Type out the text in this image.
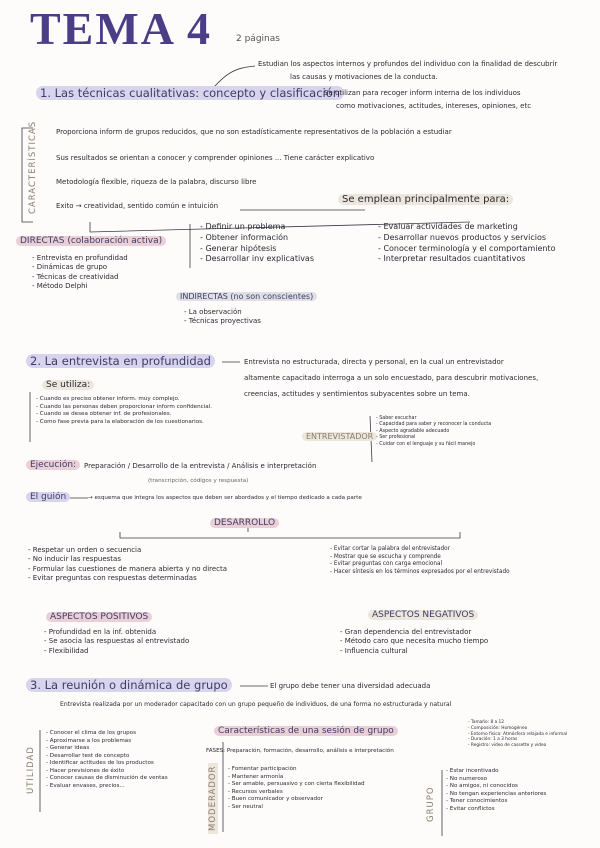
TEMA 4	2 páginas
1. Las técnicas cualitativas: concepto y clasificación
Estudian los aspectos internos y profundos del individuo con la finalidad de descubrir
las causas y motivaciones de la conducta.
Se utilizan para recoger inform interna de los individuos
como motivaciones, actitudes, intereses, opiniones, etc
CARACTERÍSTICAS	Proporciona inform de grupos reducidos, que no son estadísticamente representativos de la población a estudiar
Sus resultados se orientan a conocer y comprender opiniones ... Tiene carácter explicativo
Metodología flexible, riqueza de la palabra, discurso libre
Exito → creatividad, sentido común e intuición
Se emplean principalmente para:
- Definir un problema
- Obtener información
- Generar hipótesis
- Desarrollar inv explicativas
- Evaluar actividades de marketing
- Desarrollar nuevos productos y servicios
- Conocer terminología y el comportamiento
- Interpretar resultados cuantitativos
DIRECTAS (colaboración activa)
- Entrevista en profundidad
- Dinámicas de grupo
- Técnicas de creatividad
- Método Delphi
INDIRECTAS (no son conscientes)
- La observación
- Técnicas proyectivas
2. La entrevista en profundidad	Entrevista no estructurada, directa y personal, en la cual un entrevistador
altamente capacitado interroga a un solo encuestado, para descubrir motivaciones,
creencias, actitudes y sentimientos subyacentes sobre un tema.
Se utiliza:
- Cuando es preciso obtener inform. muy complejo.
- Cuando las personas deben proporcionar inform confidencial.
- Cuando se desea obtener inf. de profesionales.
- Como fase previa para la elaboración de los cuestionarios.
ENTREVISTADOR
- Saber escuchar
- Capacidad para saber y reconocer la conducta
- Aspecto agradable adecuado
- Ser profesional
- Cuidar con el lenguaje y su fácil manejo
Ejecución:	Preparación / Desarrollo de la entrevista / Análisis e interpretación
(transcripción, códigos y respuesta)
El guión	→ esquema que integra los aspectos que deben ser abordados y el tiempo dedicado a cada parte
DESARROLLO
- Respetar un orden o secuencia
- No inducir las respuestas
- Formular las cuestiones de manera abierta y no directa
- Evitar preguntas con respuestas determinadas
- Evitar cortar la palabra del entrevistador
- Mostrar que se escucha y comprende
- Evitar preguntas con carga emocional
- Hacer síntesis en los términos expresados por el entrevistado
ASPECTOS POSITIVOS
- Profundidad en la inf. obtenida
- Se asocia las respuestas al entrevistado
- Flexibilidad
ASPECTOS NEGATIVOS
- Gran dependencia del entrevistador
- Método caro que necesita mucho tiempo
- Influencia cultural
3. La reunión o dinámica de grupo	El grupo debe tener una diversidad adecuada
Entrevista realizada por un moderador capacitado con un grupo pequeño de individuos, de una forma no estructurada y natural
UTILIDAD
- Conocer el clima de los grupos
- Aproximarse a los problemas
- Generar ideas
- Desarrollar test de concepto
- Identificar actitudes de los productos
- Hacer previsiones de éxito
- Conocer causas de disminución de ventas
- Evaluar envases, precios...
Características de una sesión de grupo
- Tamaño: 8 a 12
- Composición: Homogéneo
- Entorno físico: Atmósfera relajada e informal
- Duración: 1 a 3 horas
- Registro: video de cassette y video
FASES: Preparación, formación, desarrollo, análisis e interpretación
MODERADOR
-	Fomentar participación
- Mantener armonía
- Ser amable, persuasivo y con cierta flexibilidad
- Recursos verbales
- Buen comunicador y observador
- Ser neutral	GRUPO
- Estar incentivado
- No numeroso
- No amigos, ni conocidos
- No tengan experiencias anteriores
- Tener conocimientos
- Evitar conflictos
